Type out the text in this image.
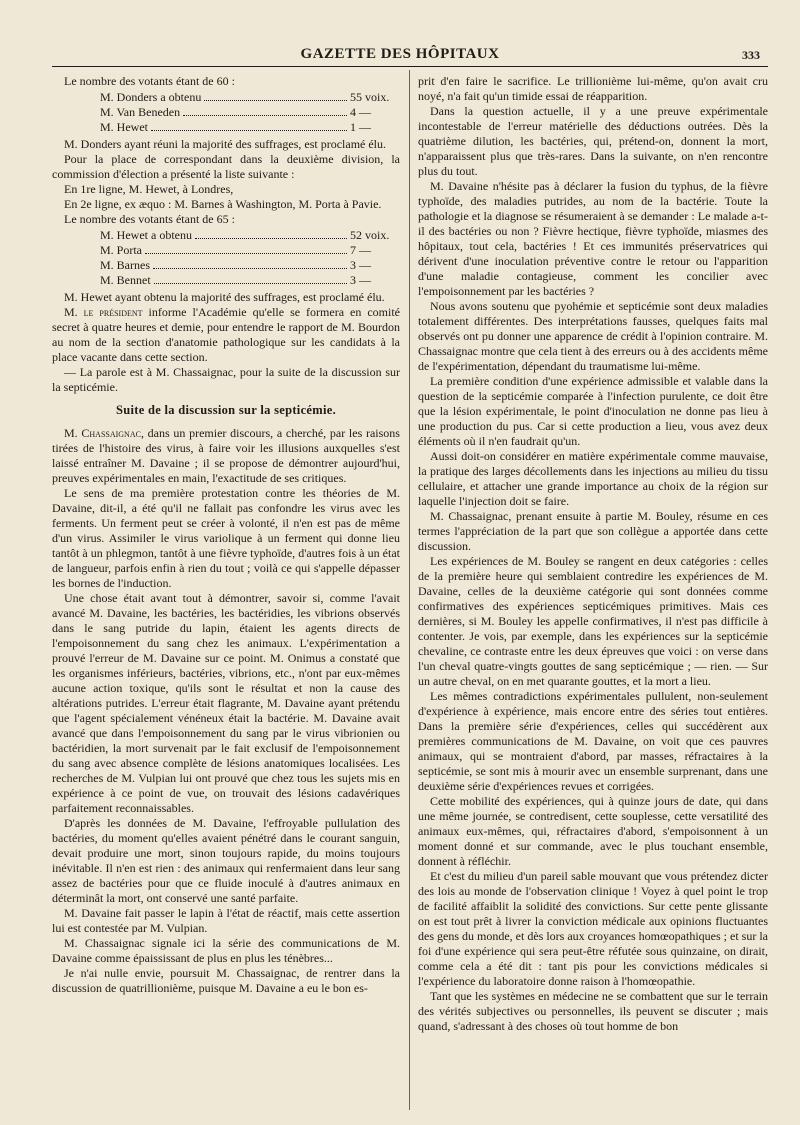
GAZETTE DES HÔPITAUX	333

Le nombre des votants étant de 60 :

M. Donders a obtenu	55 voix.
M. Van Beneden	4 —
M. Hewet	1 —

M. Donders ayant réuni la majorité des suffrages, est proclamé élu.

Pour la place de correspondant dans la deuxième division, la commission d'élection a présenté la liste suivante :

En 1re ligne, M. Hewet, à Londres,

En 2e ligne, ex æquo : M. Barnes à Washington, M. Porta à Pavie.

Le nombre des votants étant de 65 :

M. Hewet a obtenu	52 voix.
M. Porta	7 —
M. Barnes	3 —
M. Bennet	3 —

M. Hewet ayant obtenu la majorité des suffrages, est proclamé élu.

M. le président informe l'Académie qu'elle se formera en comité secret à quatre heures et demie, pour entendre le rapport de M. Bourdon au nom de la section d'anatomie pathologique sur les candidats à la place vacante dans cette section.

— La parole est à M. Chassaignac, pour la suite de la discussion sur la septicémie.

Suite de la discussion sur la septicémie.

M. Chassaignac, dans un premier discours, a cherché, par les raisons tirées de l'histoire des virus, à faire voir les illusions auxquelles s'est laissé entraîner M. Davaine ; il se propose de démontrer aujourd'hui, preuves expérimentales en main, l'exactitude de ses critiques.

Le sens de ma première protestation contre les théories de M. Davaine, dit-il, a été qu'il ne fallait pas confondre les virus avec les ferments. Un ferment peut se créer à volonté, il n'en est pas de même d'un virus. Assimiler le virus variolique à un ferment qui donne lieu tantôt à un phlegmon, tantôt à une fièvre typhoïde, d'autres fois à un état de langueur, parfois enfin à rien du tout ; voilà ce qui s'appelle dépasser les bornes de l'induction.

Une chose était avant tout à démontrer, savoir si, comme l'avait avancé M. Davaine, les bactéries, les bactéridies, les vibrions observés dans le sang putride du lapin, étaient les agents directs de l'empoisonnement du sang chez les animaux. L'expérimentation a prouvé l'erreur de M. Davaine sur ce point. M. Onimus a constaté que les organismes inférieurs, bactéries, vibrions, etc., n'ont par eux-mêmes aucune action toxique, qu'ils sont le résultat et non la cause des altérations putrides. L'erreur était flagrante, M. Davaine ayant prétendu que l'agent spécialement vénéneux était la bactérie. M. Davaine avait avancé que dans l'empoisonnement du sang par le virus vibrionien ou bactéridien, la mort survenait par le fait exclusif de l'empoisonnement du sang avec absence complète de lésions anatomiques localisées. Les recherches de M. Vulpian lui ont prouvé que chez tous les sujets mis en expérience à ce point de vue, on trouvait des lésions cadavériques parfaitement reconnaissables.

D'après les données de M. Davaine, l'effroyable pullulation des bactéries, du moment qu'elles avaient pénétré dans le courant sanguin, devait produire une mort, sinon toujours rapide, du moins toujours inévitable. Il n'en est rien : des animaux qui renfermaient dans leur sang assez de bactéries pour que ce fluide inoculé à d'autres animaux en déterminât la mort, ont conservé une santé parfaite.

M. Davaine fait passer le lapin à l'état de réactif, mais cette assertion lui est contestée par M. Vulpian.

M. Chassaignac signale ici la série des communications de M. Davaine comme épaississant de plus en plus les ténèbres...

Je n'ai nulle envie, poursuit M. Chassaignac, de rentrer dans la discussion de quatrillionième, puisque M. Davaine a eu le bon es-

prit d'en faire le sacrifice. Le trillionième lui-même, qu'on avait cru noyé, n'a fait qu'un timide essai de réapparition.

Dans la question actuelle, il y a une preuve expérimentale incontestable de l'erreur matérielle des déductions outrées. Dès la quatrième dilution, les bactéries, qui, prétend-on, donnent la mort, n'apparaissent plus que très-rares. Dans la suivante, on n'en rencontre plus du tout.

M. Davaine n'hésite pas à déclarer la fusion du typhus, de la fièvre typhoïde, des maladies putrides, au nom de la bactérie. Toute la pathologie et la diagnose se résumeraient à se demander : Le malade a-t-il des bactéries ou non ? Fièvre hectique, fièvre typhoïde, miasmes des hôpitaux, tout cela, bactéries ! Et ces immunités préservatrices qui dérivent d'une inoculation préventive contre le retour ou l'apparition d'une maladie contagieuse, comment les concilier avec l'empoisonnement par les bactéries ?

Nous avons soutenu que pyohémie et septicémie sont deux maladies totalement différentes. Des interprétations fausses, quelques faits mal observés ont pu donner une apparence de crédit à l'opinion contraire. M. Chassaignac montre que cela tient à des erreurs ou à des accidents même de l'expérimentation, dépendant du traumatisme lui-même.

La première condition d'une expérience admissible et valable dans la question de la septicémie comparée à l'infection purulente, ce doit être que la lésion expérimentale, le point d'inoculation ne donne pas lieu à une production du pus. Car si cette production a lieu, vous avez deux éléments où il n'en faudrait qu'un.

Aussi doit-on considérer en matière expérimentale comme mauvaise, la pratique des larges décollements dans les injections au milieu du tissu cellulaire, et attacher une grande importance au choix de la région sur laquelle l'injection doit se faire.

M. Chassaignac, prenant ensuite à partie M. Bouley, résume en ces termes l'appréciation de la part que son collègue a apportée dans cette discussion.

Les expériences de M. Bouley se rangent en deux catégories : celles de la première heure qui semblaient contredire les expériences de M. Davaine, celles de la deuxième catégorie qui sont données comme confirmatives des expériences septicémiques primitives. Mais ces dernières, si M. Bouley les appelle confirmatives, il n'est pas difficile à contenter. Je vois, par exemple, dans les expériences sur la septicémie chevaline, ce contraste entre les deux épreuves que voici : on verse dans l'un cheval quatre-vingts gouttes de sang septicémique ; — rien. — Sur un autre cheval, on en met quarante gouttes, et la mort a lieu.

Les mêmes contradictions expérimentales pullulent, non-seulement d'expérience à expérience, mais encore entre des séries tout entières. Dans la première série d'expériences, celles qui succédèrent aux premières communications de M. Davaine, on voit que ces pauvres animaux, qui se montraient d'abord, par masses, réfractaires à la septicémie, se sont mis à mourir avec un ensemble surprenant, dans une deuxième série d'expériences revues et corrigées.

Cette mobilité des expériences, qui à quinze jours de date, qui dans une même journée, se contredisent, cette souplesse, cette versatilité des animaux eux-mêmes, qui, réfractaires d'abord, s'empoisonnent à un moment donné et sur commande, avec le plus touchant ensemble, donnent à réfléchir.

Et c'est du milieu d'un pareil sable mouvant que vous prétendez dicter des lois au monde de l'observation clinique ! Voyez à quel point le trop de facilité affaiblit la solidité des convictions. Sur cette pente glissante on est tout prêt à livrer la conviction médicale aux opinions fluctuantes des gens du monde, et dès lors aux croyances homœopathiques ; et sur la foi d'une expérience qui sera peut-être réfutée sous quinzaine, on dirait, comme cela a été dit : tant pis pour les convictions médicales si l'expérience du laboratoire donne raison à l'homœopathie.

Tant que les systèmes en médecine ne se combattent que sur le terrain des vérités subjectives ou personnelles, ils peuvent se discuter ; mais quand, s'adressant à des choses où tout homme de bon
